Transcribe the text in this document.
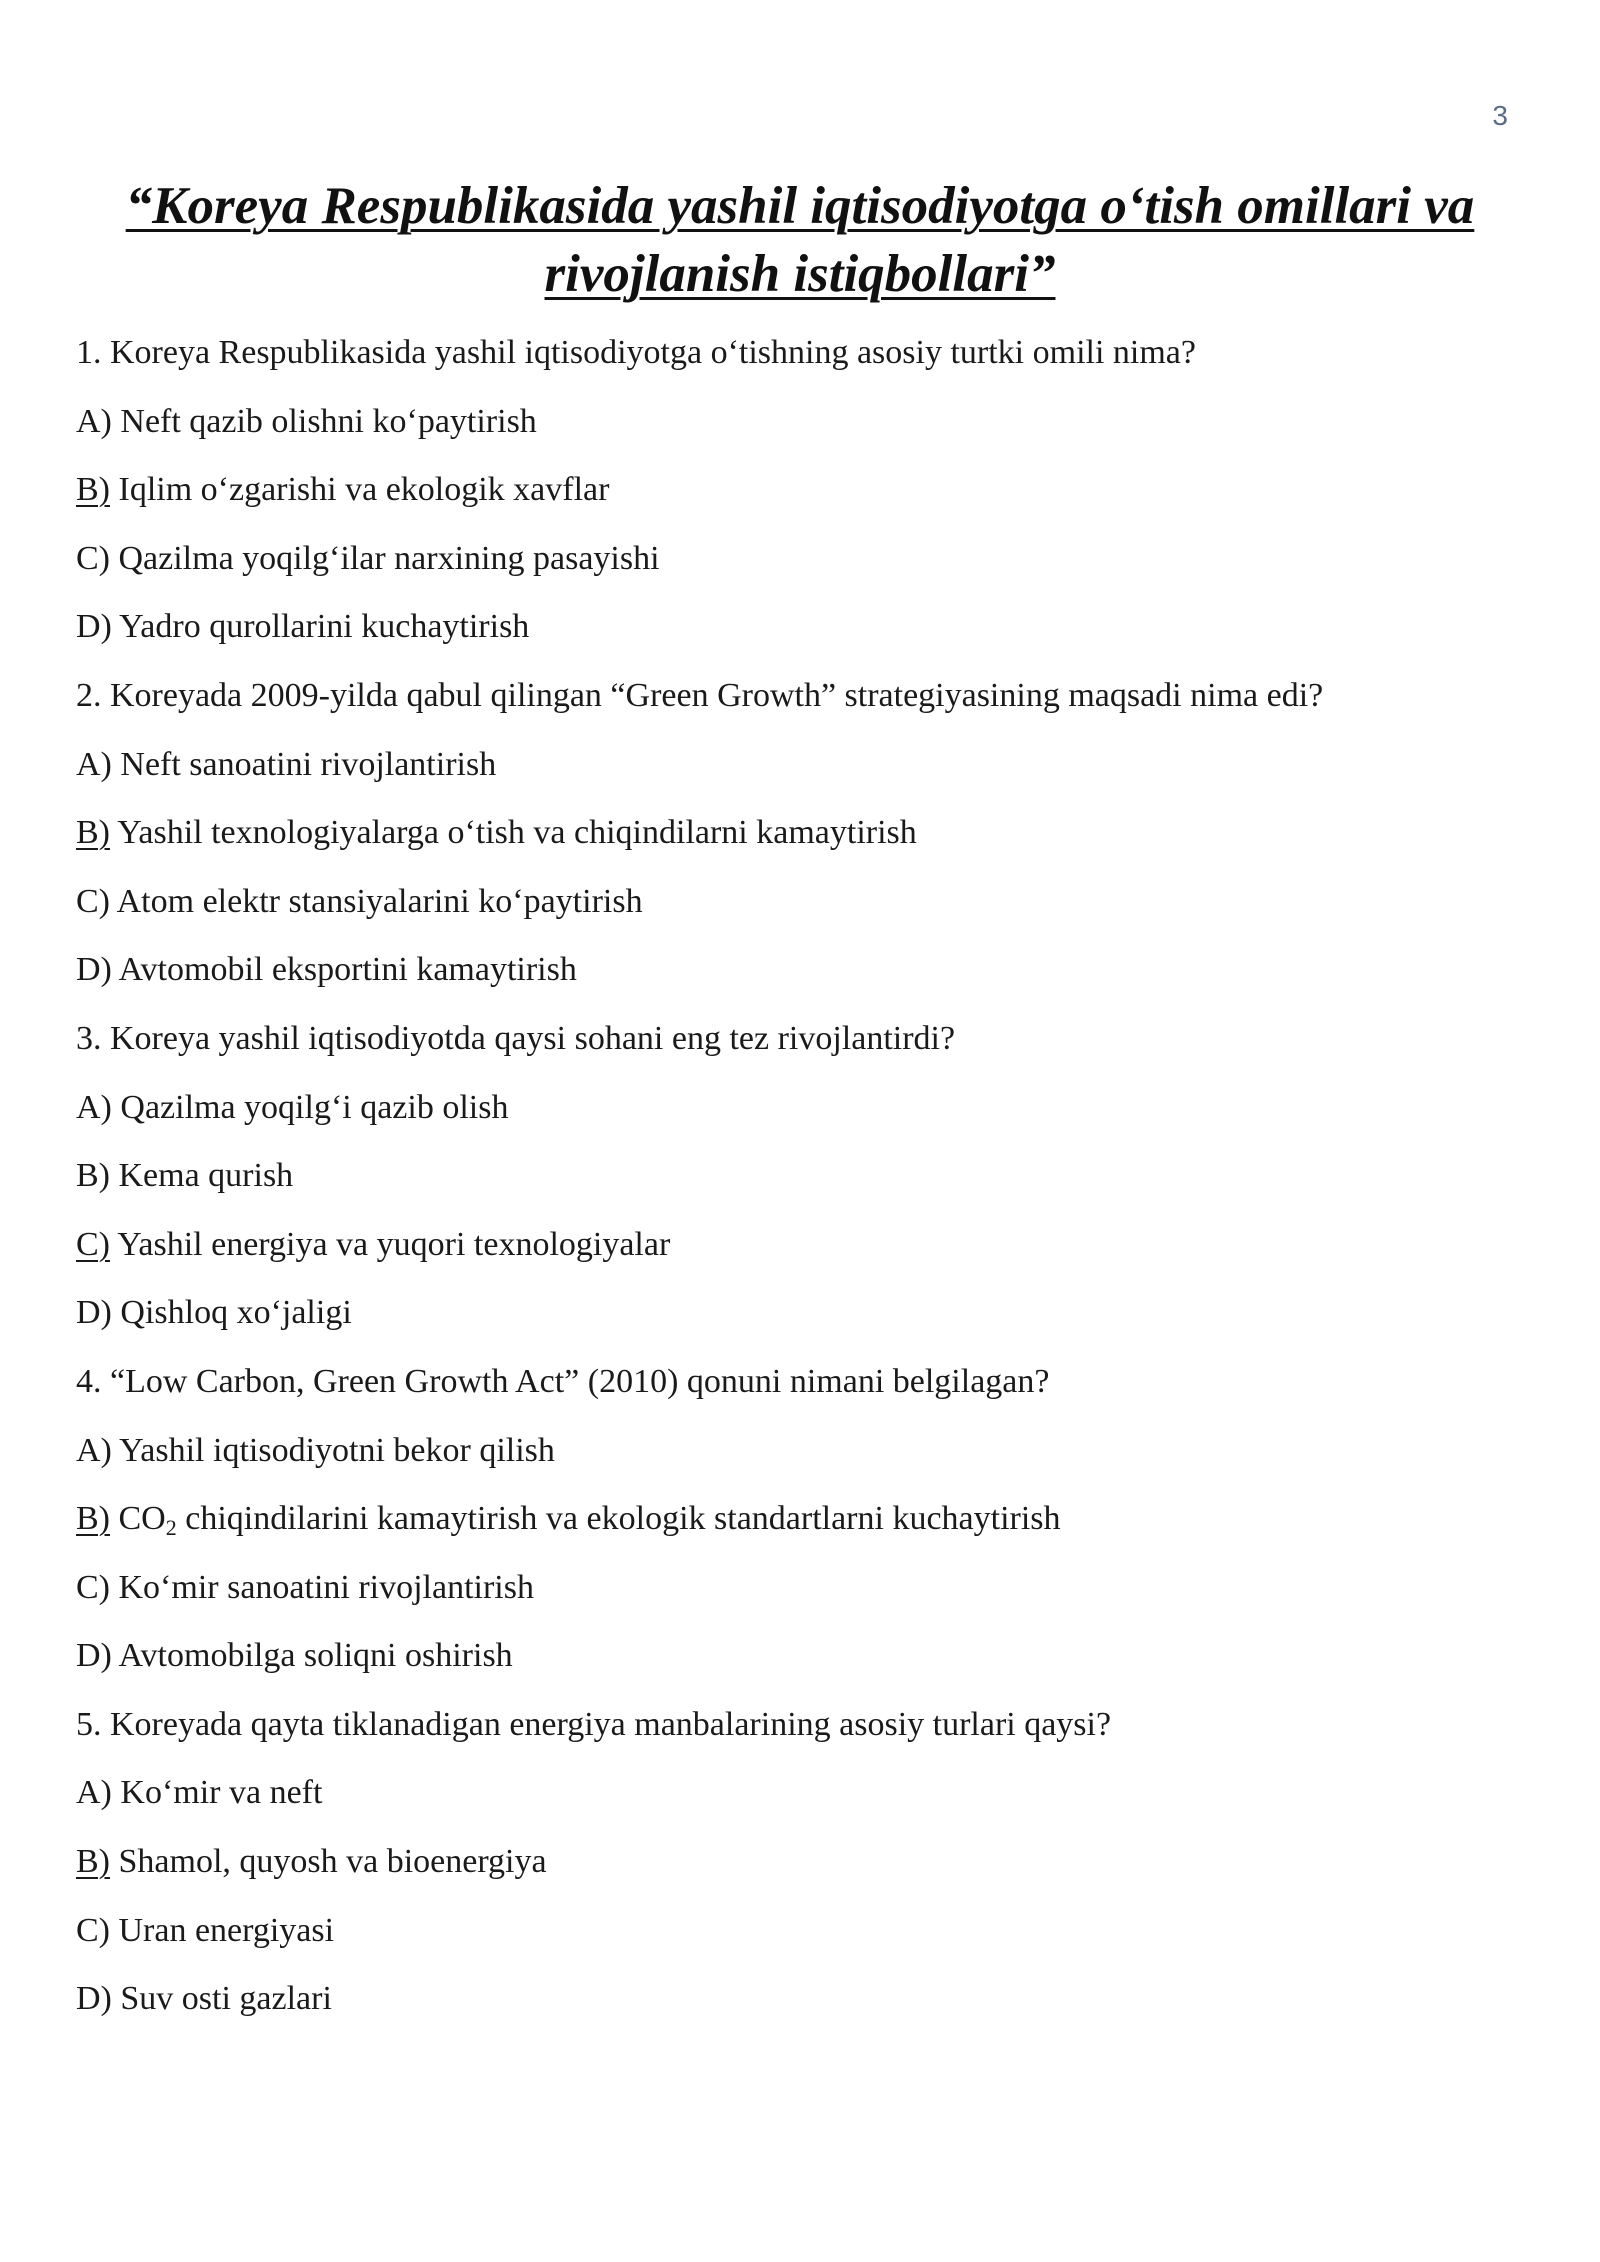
3
“Koreya Respublikasida yashil iqtisodiyotga o‘tish omillari va rivojlanish istiqbollari”
1. Koreya Respublikasida yashil iqtisodiyotga o‘tishning asosiy turtki omili nima?
A) Neft qazib olishni ko‘paytirish
B) Iqlim o‘zgarishi va ekologik xavflar
C) Qazilma yoqilg‘ilar narxining pasayishi
D) Yadro qurollarini kuchaytirish
2. Koreyada 2009-yilda qabul qilingan “Green Growth” strategiyasining maqsadi nima edi?
A) Neft sanoatini rivojlantirish
B) Yashil texnologiyalarga o‘tish va chiqindilarni kamaytirish
C) Atom elektr stansiyalarini ko‘paytirish
D) Avtomobil eksportini kamaytirish
3. Koreya yashil iqtisodiyotda qaysi sohani eng tez rivojlantirdi?
A) Qazilma yoqilg‘i qazib olish
B) Kema qurish
C) Yashil energiya va yuqori texnologiyalar
D) Qishloq xo‘jaligi
4. “Low Carbon, Green Growth Act” (2010) qonuni nimani belgilagan?
A) Yashil iqtisodiyotni bekor qilish
B) $CO_2$ chiqindilarini kamaytirish va ekologik standartlarni kuchaytirish
C) Ko‘mir sanoatini rivojlantirish
D) Avtomobilga soliqni oshirish
5. Koreyada qayta tiklanadigan energiya manbalarining asosiy turlari qaysi?
A) Ko‘mir va neft
B) Shamol, quyosh va bioenergiya
C) Uran energiyasi
D) Suv osti gazlari
